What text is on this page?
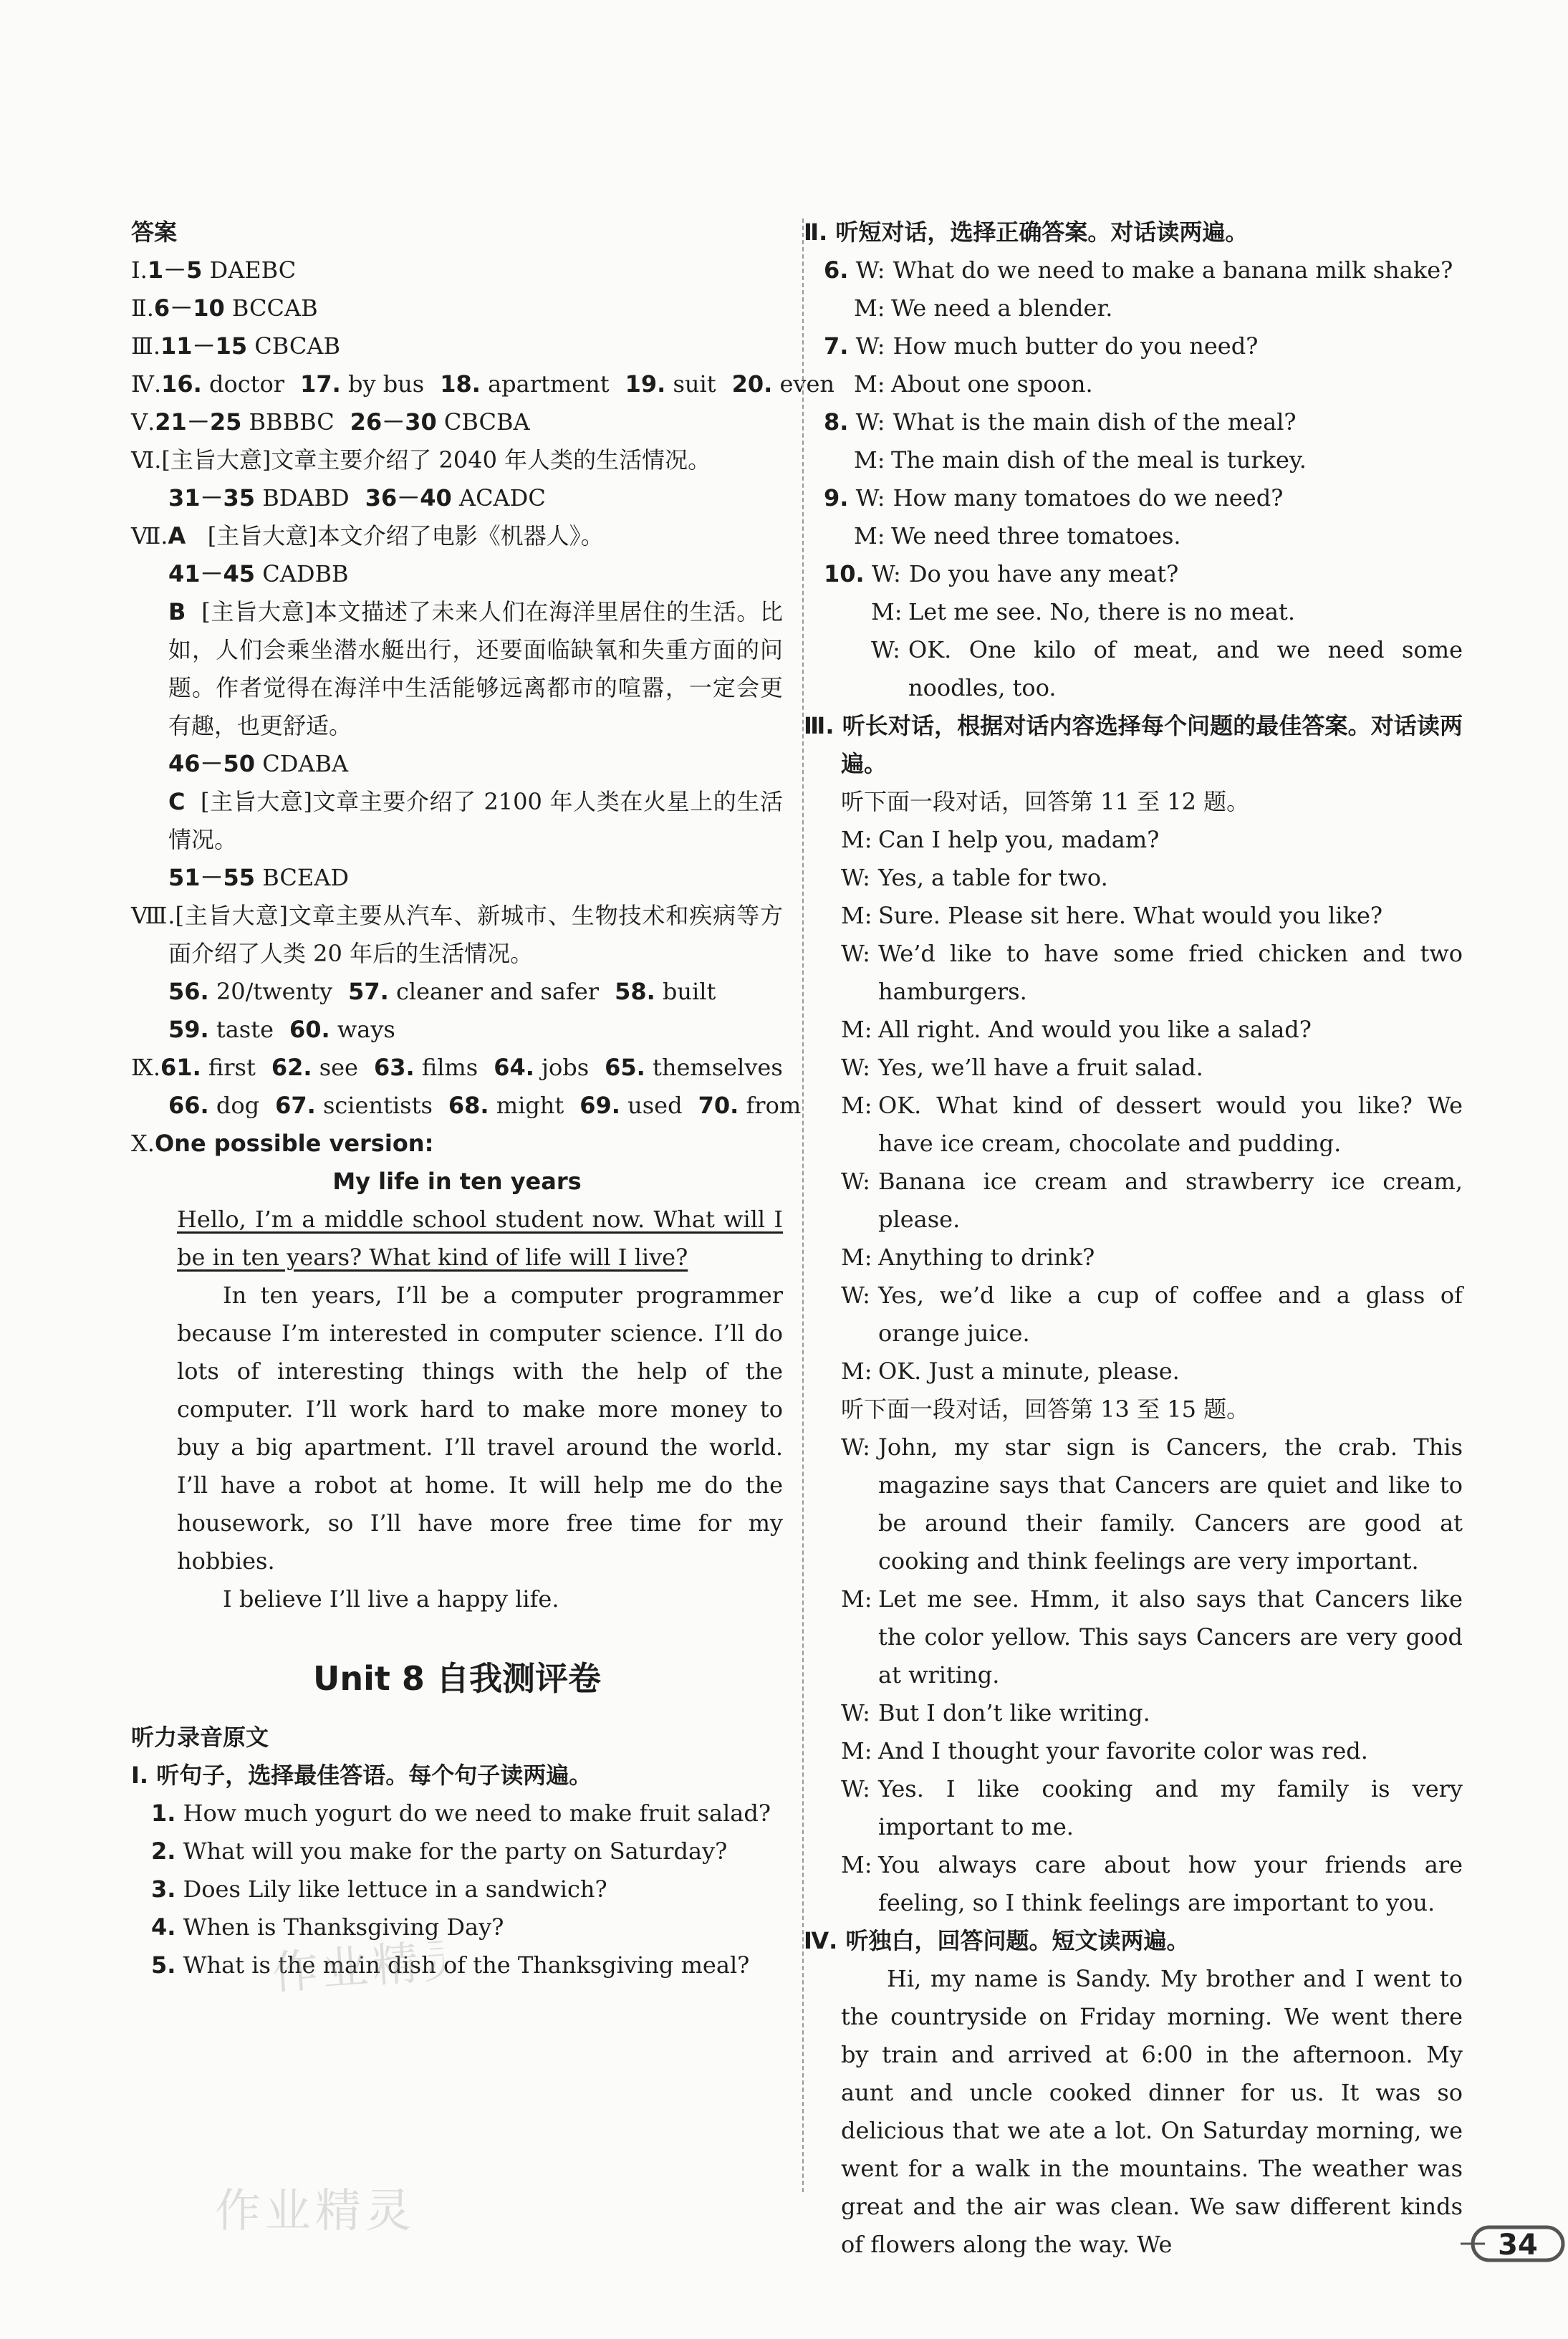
答案

Ⅰ.1－5 DAEBC

Ⅱ.6－10 BCCAB

Ⅲ.11－15 CBCAB

Ⅳ.16. doctor 17. by bus 18. apartment 19. suit 20. even

Ⅴ.21－25 BBBBC 26－30 CBCBA

Ⅵ.[主旨大意]文章主要介绍了 2040 年人类的生活情况。

31－35 BDABD 36－40 ACADC

Ⅶ.A [主旨大意]本文介绍了电影《机器人》。

41－45 CADBB

B [主旨大意]本文描述了未来人们在海洋里居住的生活。比如，人们会乘坐潜水艇出行，还要面临缺氧和失重方面的问题。作者觉得在海洋中生活能够远离都市的喧嚣，一定会更有趣，也更舒适。

46－50 CDABA

C [主旨大意]文章主要介绍了 2100 年人类在火星上的生活情况。

51－55 BCEAD

Ⅷ.[主旨大意]文章主要从汽车、新城市、生物技术和疾病等方面介绍了人类 20 年后的生活情况。

56. 20/twenty 57. cleaner and safer 58. built

59. taste 60. ways

Ⅸ.61. first 62. see 63. films 64. jobs 65. themselves

66. dog 67. scientists 68. might 69. used 70. from

Ⅹ.One possible version:

My life in ten years

Hello, I’m a middle school student now. What will I be in ten years? What kind of life will I live?

In ten years, I’ll be a computer programmer because I’m interested in computer science. I’ll do lots of interesting things with the help of the computer. I’ll work hard to make more money to buy a big apartment. I’ll travel around the world. I’ll have a robot at home. It will help me do the housework, so I’ll have more free time for my hobbies.

I believe I’ll live a happy life.

Unit 8 自我测评卷

听力录音原文

Ⅰ. 听句子，选择最佳答语。每个句子读两遍。

1. How much yogurt do we need to make fruit salad?

2. What will you make for the party on Saturday?

3. Does Lily like lettuce in a sandwich?

4. When is Thanksgiving Day?

5. What is the main dish of the Thanksgiving meal?

Ⅱ. 听短对话，选择正确答案。对话读两遍。

6. W: What do we need to make a banana milk shake?

M: We need a blender.

7. W: How much butter do you need?

M: About one spoon.

8. W: What is the main dish of the meal?

M: The main dish of the meal is turkey.

9. W: How many tomatoes do we need?

M: We need three tomatoes.

10. W: Do you have any meat?

M: Let me see. No, there is no meat.

W: OK. One kilo of meat, and we need some noodles, too.

Ⅲ. 听长对话，根据对话内容选择每个问题的最佳答案。对话读两遍。

听下面一段对话，回答第 11 至 12 题。

M: Can I help you, madam?

W: Yes, a table for two.

M: Sure. Please sit here. What would you like?

W: We’d like to have some fried chicken and two hamburgers.

M: All right. And would you like a salad?

W: Yes, we’ll have a fruit salad.

M: OK. What kind of dessert would you like? We have ice cream, chocolate and pudding.

W: Banana ice cream and strawberry ice cream, please.

M: Anything to drink?

W: Yes, we’d like a cup of coffee and a glass of orange juice.

M: OK. Just a minute, please.

听下面一段对话，回答第 13 至 15 题。

W: John, my star sign is Cancers, the crab. This magazine says that Cancers are quiet and like to be around their family. Cancers are good at cooking and think feelings are very important.

M: Let me see. Hmm, it also says that Cancers like the color yellow. This says Cancers are very good at writing.

W: But I don’t like writing.

M: And I thought your favorite color was red.

W: Yes. I like cooking and my family is very important to me.

M: You always care about how your friends are feeling, so I think feelings are important to you.

Ⅳ. 听独白，回答问题。短文读两遍。

Hi, my name is Sandy. My brother and I went to the countryside on Friday morning. We went there by train and arrived at 6:00 in the afternoon. My aunt and uncle cooked dinner for us. It was so delicious that we ate a lot. On Saturday morning, we went for a walk in the mountains. The weather was great and the air was clean. We saw different kinds of flowers along the way. We

作业精灵
作业精灵
34
